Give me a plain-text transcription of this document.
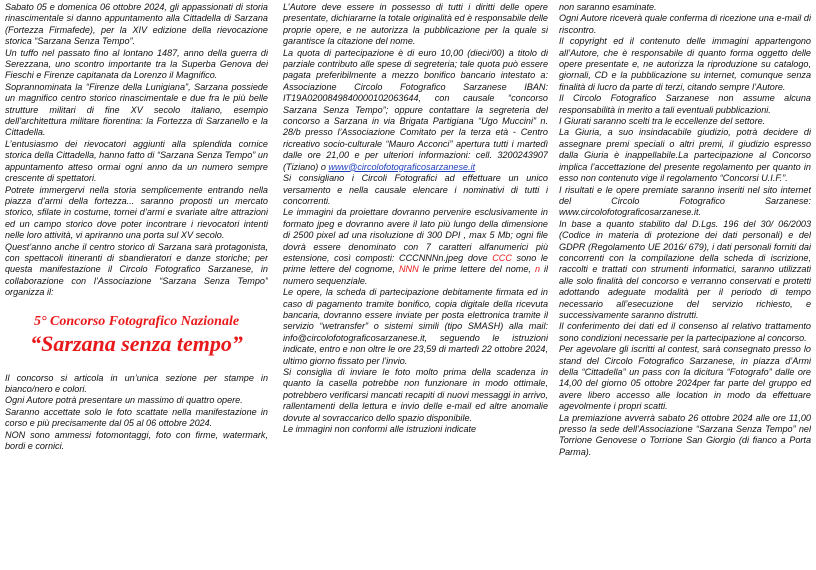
Sabato 05 e domenica 06 ottobre 2024, gli appassionati di storia rinascimentale si danno appuntamento alla Cittadella di Sarzana (Fortezza Firmafede), per la XIV edizione della rievocazione storica “Sarzana Senza Tempo”.

Un tuffo nel passato fino al lontano 1487, anno della guerra di Serezzana, uno scontro importante tra la Superba Genova dei Fieschi e Firenze capitanata da Lorenzo il Magnifico.

Soprannominata la “Firenze della Lunigiana”, Sarzana possiede un magnifico centro storico rinascimentale e due fra le più belle strutture militari di fine XV secolo italiano, esempio dell’architettura militare fiorentina: la Fortezza di Sarzanello e la Cittadella.

L’entusiasmo dei rievocatori aggiunti alla splendida cornice storica della Cittadella, hanno fatto di “Sarzana Senza Tempo” un appuntamento atteso ormai ogni anno da un numero sempre crescente di spettatori.

Potrete immergervi nella storia semplicemente entrando nella piazza d’armi della fortezza... saranno proposti un mercato storico, sfilate in costume, tornei d’armi e svariate altre attrazioni ed un campo storico dove poter incontrare i rievocatori intenti nelle loro attività, vi apriranno una porta sul XV secolo.

Quest’anno anche il centro storico di Sarzana sarà protagonista, con spettacoli itineranti di sbandieratori e danze storiche; per questa manifestazione il Circolo Fotografico Sarzanese, in collaborazione con l’Associazione “Sarzana Senza Tempo” organizza il:

5° Concorso Fotografico Nazionale
“Sarzana senza tempo”

Il concorso si articola in un’unica sezione per stampe in bianco/nero e colori.

Ogni Autore potrà presentare un massimo di quattro opere.

Saranno accettate solo le foto scattate nella manifestazione in corso e più precisamente dal 05 al 06 ottobre 2024.

NON sono ammessi fotomontaggi, foto con firme, watermark, bordi e cornici.

L’Autore deve essere in possesso di tutti i diritti delle opere presentate, dichiararne la totale originalità ed è responsabile delle proprie opere, e ne autorizza la pubblicazione per la quale si garantisce la citazione del nome.

La quota di partecipazione è di euro 10,00 (dieci/00) a titolo di parziale contributo alle spese di segreteria; tale quota può essere pagata preferibilmente a mezzo bonifico bancario intestato a: Associazione Circolo Fotografico Sarzanese IBAN: IT19A0200849840000102063644, con causale “concorso Sarzana Senza Tempo”; oppure contattare la segreteria del concorso a Sarzana in via Brigata Partigiana “Ugo Muccini” n. 28/b presso l’Associazione Comitato per la terza età - Centro ricreativo socio-culturale “Mauro Acconci” apertura tutti i martedì dalle ore 21,00 e per ulteriori informazioni: cell. 3200243907 (Tiziano) o www@circolofotograficosarzanese.it

Si consigliano i Circoli Fotografici ad effettuare un unico versamento e nella causale elencare i nominativi di tutti i concorrenti.

Le immagini da proiettare dovranno pervenire esclusivamente in formato jpeg e dovranno avere il lato più lungo della dimensione di 2500 pixel ad una risoluzione di 300 DPI , max 5 Mb; ogni file dovrà essere denominato con 7 caratteri alfanumerici più estensione, così composti: CCCNNNn.jpeg dove CCC sono le prime lettere del cognome, NNN le prime lettere del nome, n il numero sequenziale.

Le opere, la scheda di partecipazione debitamente firmata ed in caso di pagamento tramite bonifico, copia digitale della ricevuta bancaria, dovranno essere inviate per posta elettronica tramite il servizio “wetransfer” o sistemi simili (tipo SMASH) alla mail: info@circolofotograficosarzanese.it, seguendo le istruzioni indicate, entro e non oltre le ore 23,59 di martedì 22 ottobre 2024, ultimo giorno fissato per l’invio.

Si consiglia di inviare le foto molto prima della scadenza in quanto la casella potrebbe non funzionare in modo ottimale, potrebbero verificarsi mancati recapiti di nuovi messaggi in arrivo, rallentamenti della lettura e invio delle e-mail ed altre anomalie dovute al sovraccarico dello spazio disponibile.

Le immagini non conformi alle istruzioni indicate

non saranno esaminate.

Ogni Autore riceverà quale conferma di ricezione una e-mail di riscontro.

Il copyright ed il contenuto delle immagini appartengono all’Autore, che è responsabile di quanto forma oggetto delle opere presentate e, ne autorizza la riproduzione su catalogo, giornali, CD e la pubblicazione su internet, comunque senza finalità di lucro da parte di terzi, citando sempre l’Autore.

Il Circolo Fotografico Sarzanese non assume alcuna responsabilità in merito a tali eventuali pubblicazioni.

I Giurati saranno scelti tra le eccellenze del settore.

La Giuria, a suo insindacabile giudizio, potrà decidere di assegnare premi speciali o altri premi, il giudizio espresso dalla Giuria è inappellabile.La partecipazione al Concorso implica l’accettazione del presente regolamento per quanto in esso non contenuto vige il regolamento “Concorsi U.I.F.”.

I risultati e le opere premiate saranno inseriti nel sito internet del Circolo Fotografico Sarzanese: www.circolofotograficosarzanese.it.

In base a quanto stabilito dal D.Lgs. 196 del 30/ 06/2003 (Codice in materia di protezione dei dati personali) e del GDPR (Regolamento UE 2016/ 679), i dati personali forniti dai concorrenti con la compilazione della scheda di iscrizione, raccolti e trattati con strumenti informatici, saranno utilizzati alle solo finalità del concorso e verranno conservati e protetti adottando adeguate modalità per il periodo di tempo necessario all’esecuzione del servizio richiesto, e successivamente saranno distrutti.

Il conferimento dei dati ed il consenso al relativo trattamento sono condizioni necessarie per la partecipazione al concorso.

Per agevolare gli iscritti al contest, sarà consegnato presso lo stand del Circolo Fotografico Sarzanese, in piazza d’Armi della “Cittadella” un pass con la dicitura “Fotografo” dalle ore 14,00 del giorno 05 ottobre 2024per far parte del gruppo ed avere libero accesso alle location in modo da effettuare agevolmente i propri scatti.

La premiazione avverrà sabato 26 ottobre 2024 alle ore 11,00 presso la sede dell’Associazione “Sarzana Senza Tempo” nel Torrione Genovese o Torrione San Giorgio (di fianco a Porta Parma).
